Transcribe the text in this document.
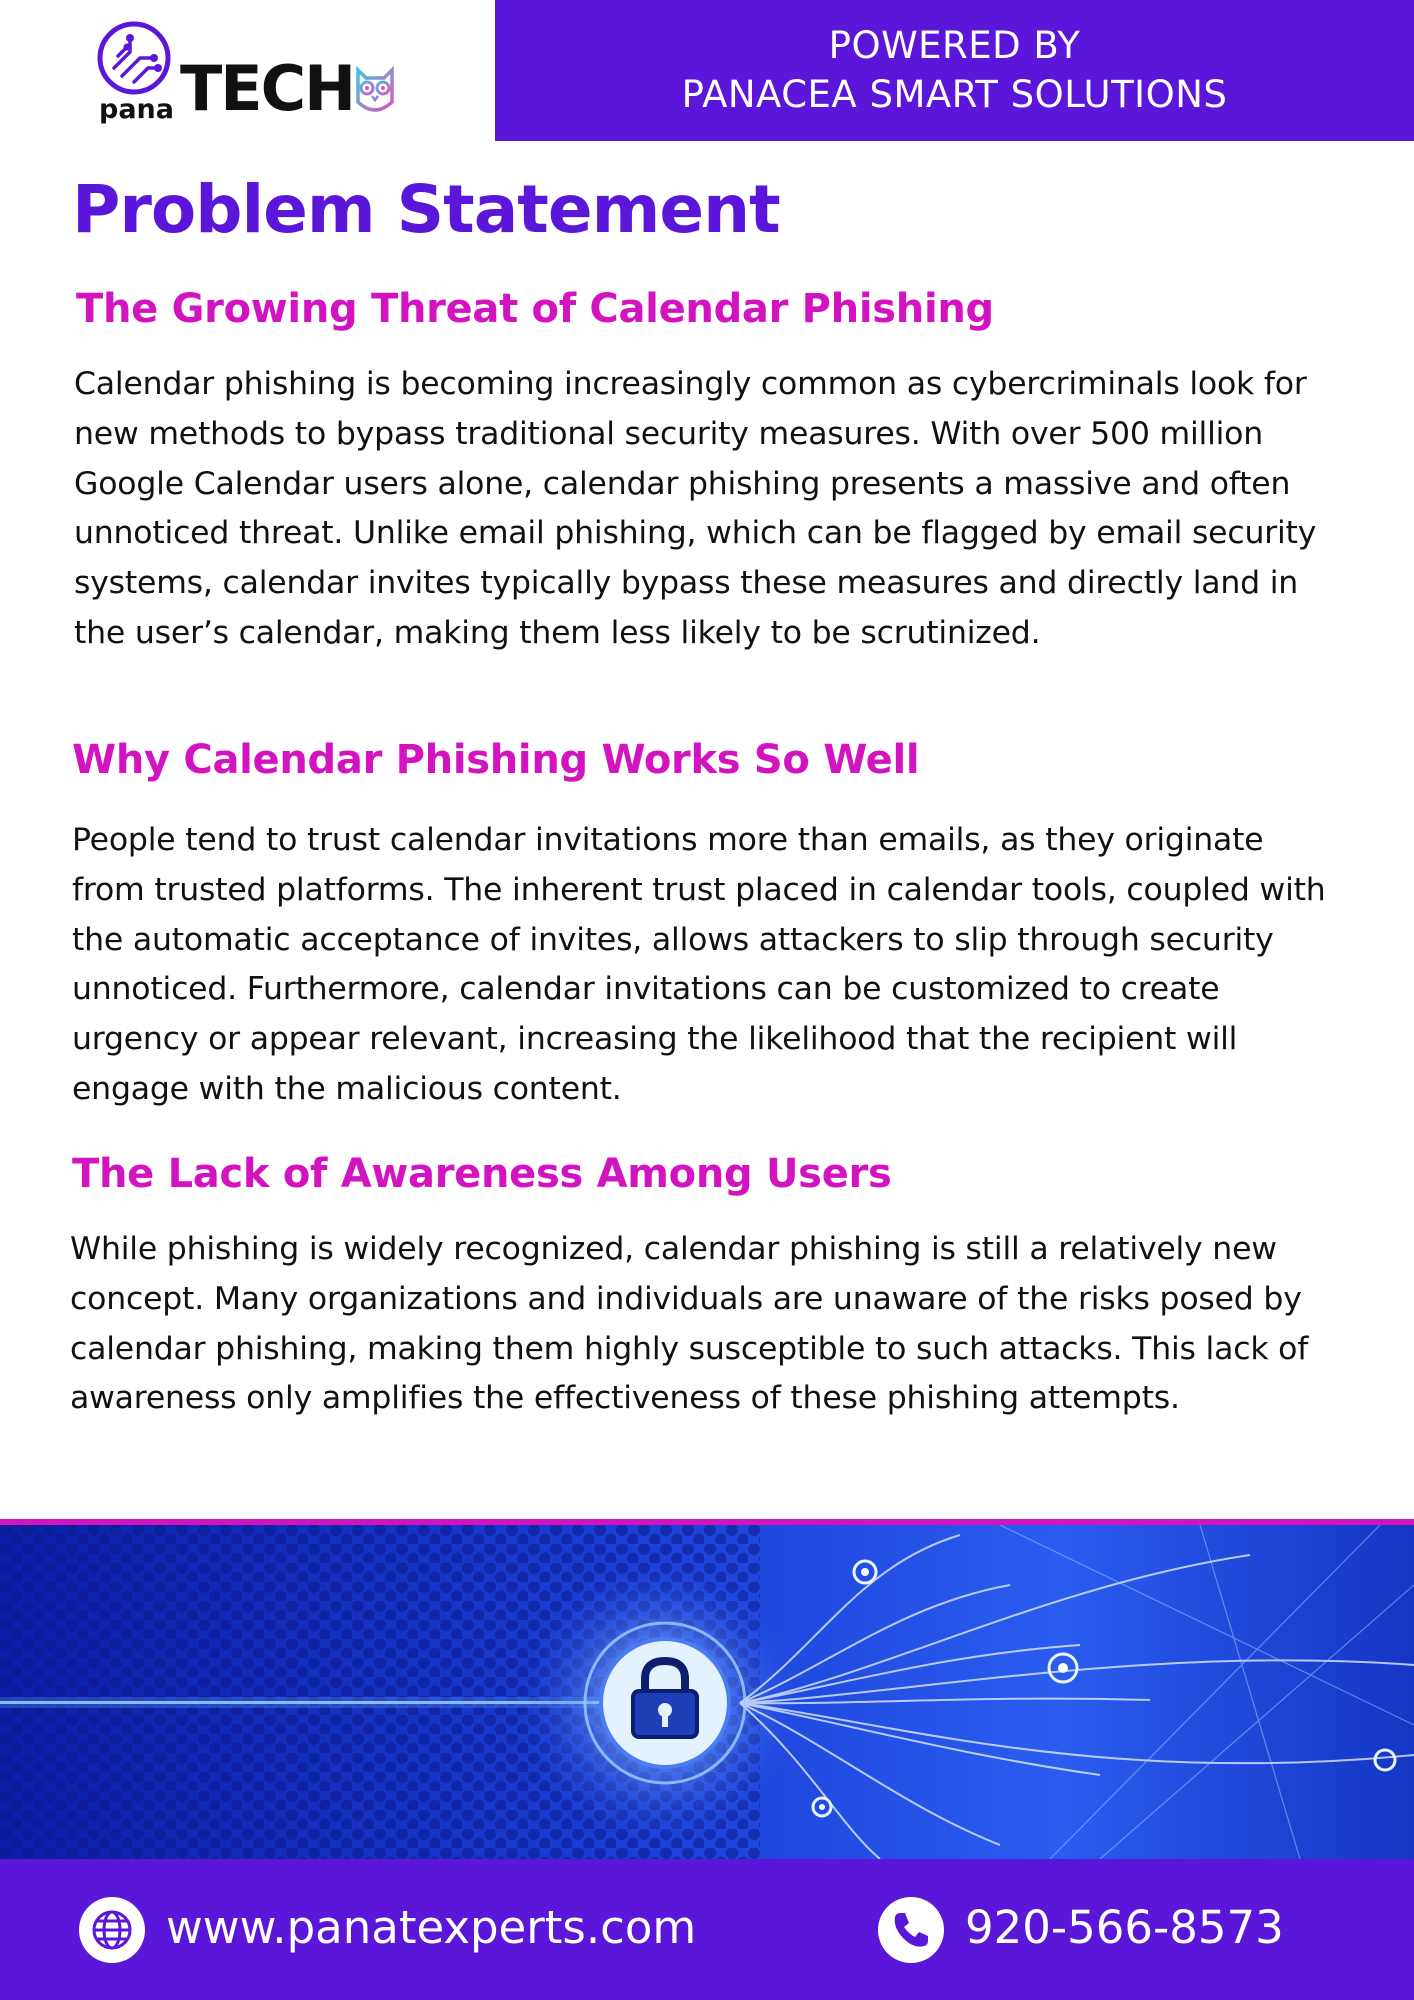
pana TECH
POWERED BY
PANACEA SMART SOLUTIONS
Problem Statement
The Growing Threat of Calendar Phishing

Calendar phishing is becoming increasingly common as cybercriminals look for new methods to bypass traditional security measures. With over 500 million Google Calendar users alone, calendar phishing presents a massive and often unnoticed threat. Unlike email phishing, which can be flagged by email security systems, calendar invites typically bypass these measures and directly land in the user’s calendar, making them less likely to be scrutinized.

Why Calendar Phishing Works So Well

People tend to trust calendar invitations more than emails, as they originate from trusted platforms. The inherent trust placed in calendar tools, coupled with the automatic acceptance of invites, allows attackers to slip through security unnoticed. Furthermore, calendar invitations can be customized to create urgency or appear relevant, increasing the likelihood that the recipient will engage with the malicious content.

The Lack of Awareness Among Users

While phishing is widely recognized, calendar phishing is still a relatively new concept. Many organizations and individuals are unaware of the risks posed by calendar phishing, making them highly susceptible to such attacks. This lack of awareness only amplifies the effectiveness of these phishing attempts.

www.panatexperts.com	920-566-8573
